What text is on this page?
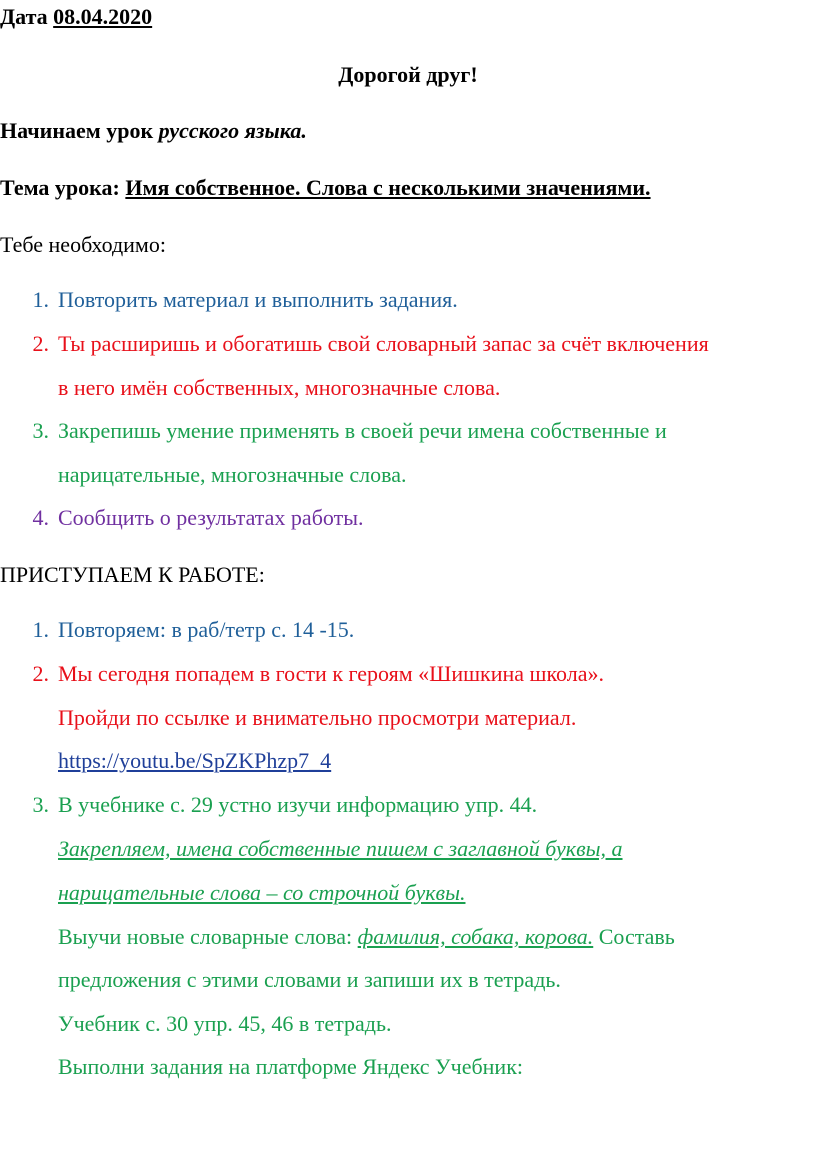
Дата 08.04.2020
Дорогой друг!
Начинаем урок русского языка.
Тема урока: Имя собственное. Слова с несколькими значениями.
Тебе необходимо:
1. Повторить материал и выполнить задания.
2. Ты расширишь и обогатишь свой словарный запас за счёт включения
в него имён собственных, многозначные слова.
3. Закрепишь умение применять в своей речи имена собственные и
нарицательные, многозначные слова.
4. Сообщить о результатах работы.
ПРИСТУПАЕМ К РАБОТЕ:
1. Повторяем: в раб/тетр с. 14 -15.
2. Мы сегодня попадем в гости к героям «Шишкина школа».
Пройди по ссылке и внимательно просмотри материал.
https://youtu.be/SpZKPhzp7_4
3. В учебнике с. 29 устно изучи информацию упр. 44.
Закрепляем, имена собственные пишем с заглавной буквы, а
нарицательные слова – со строчной буквы.
Выучи новые словарные слова: фамилия, собака, корова. Составь
предложения с этими словами и запиши их в тетрадь.
Учебник с. 30 упр. 45, 46 в тетрадь.
Выполни задания на платформе Яндекс Учебник:
